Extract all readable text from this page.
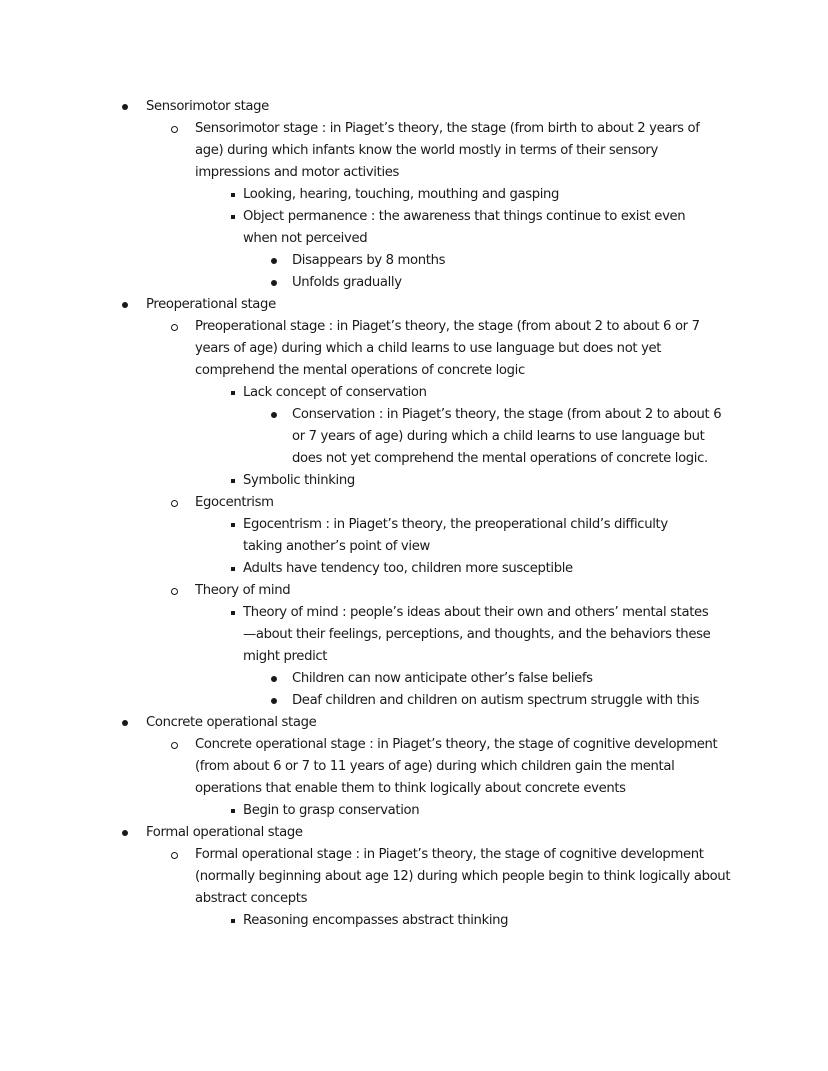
Sensorimotor stage
Sensorimotor stage : in Piaget’s theory, the stage (from birth to about 2 years of age) during which infants know the world mostly in terms of their sensory impressions and motor activities
Looking, hearing, touching, mouthing and gasping
Object permanence : the awareness that things continue to exist even when not perceived
Disappears by 8 months
Unfolds gradually
Preoperational stage
Preoperational stage : in Piaget’s theory, the stage (from about 2 to about 6 or 7 years of age) during which a child learns to use language but does not yet comprehend the mental operations of concrete logic
Lack concept of conservation
Conservation : in Piaget’s theory, the stage (from about 2 to about 6 or 7 years of age) during which a child learns to use language but does not yet comprehend the mental operations of concrete logic.
Symbolic thinking
Egocentrism
Egocentrism : in Piaget’s theory, the preoperational child’s difficulty taking another’s point of view
Adults have tendency too, children more susceptible
Theory of mind
Theory of mind : people’s ideas about their own and others’ mental states—about their feelings, perceptions, and thoughts, and the behaviors these might predict
Children can now anticipate other’s false beliefs
Deaf children and children on autism spectrum struggle with this
Concrete operational stage
Concrete operational stage : in Piaget’s theory, the stage of cognitive development (from about 6 or 7 to 11 years of age) during which children gain the mental operations that enable them to think logically about concrete events
Begin to grasp conservation
Formal operational stage
Formal operational stage : in Piaget’s theory, the stage of cognitive development (normally beginning about age 12) during which people begin to think logically about abstract concepts
Reasoning encompasses abstract thinking
